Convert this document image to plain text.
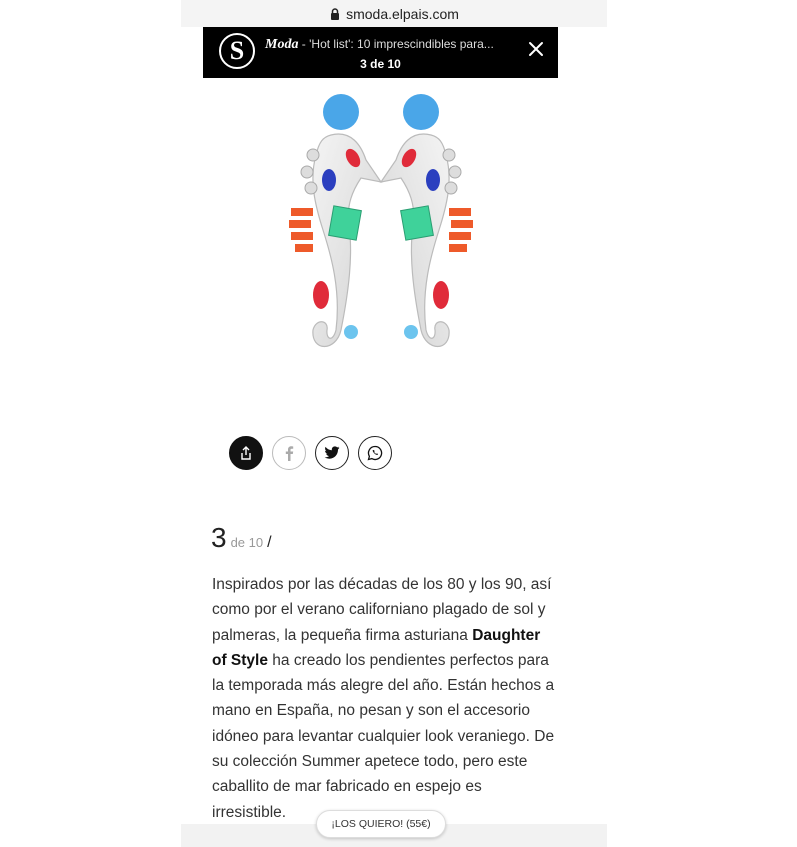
smoda.elpais.com
S	Moda - 'Hot list': 10 imprescindibles para...
3 de 10
3 de 10 /
Inspirados por las décadas de los 80 y los 90, así como por el verano californiano plagado de sol y palmeras, la pequeña firma asturiana Daughter of Style ha creado los pendientes perfectos para la temporada más alegre del año. Están hechos a mano en España, no pesan y son el accesorio idóneo para levantar cualquier look veraniego. De su colección Summer apetece todo, pero este caballito de mar fabricado en espejo es irresistible.
¡LOS QUIERO! (55€)
